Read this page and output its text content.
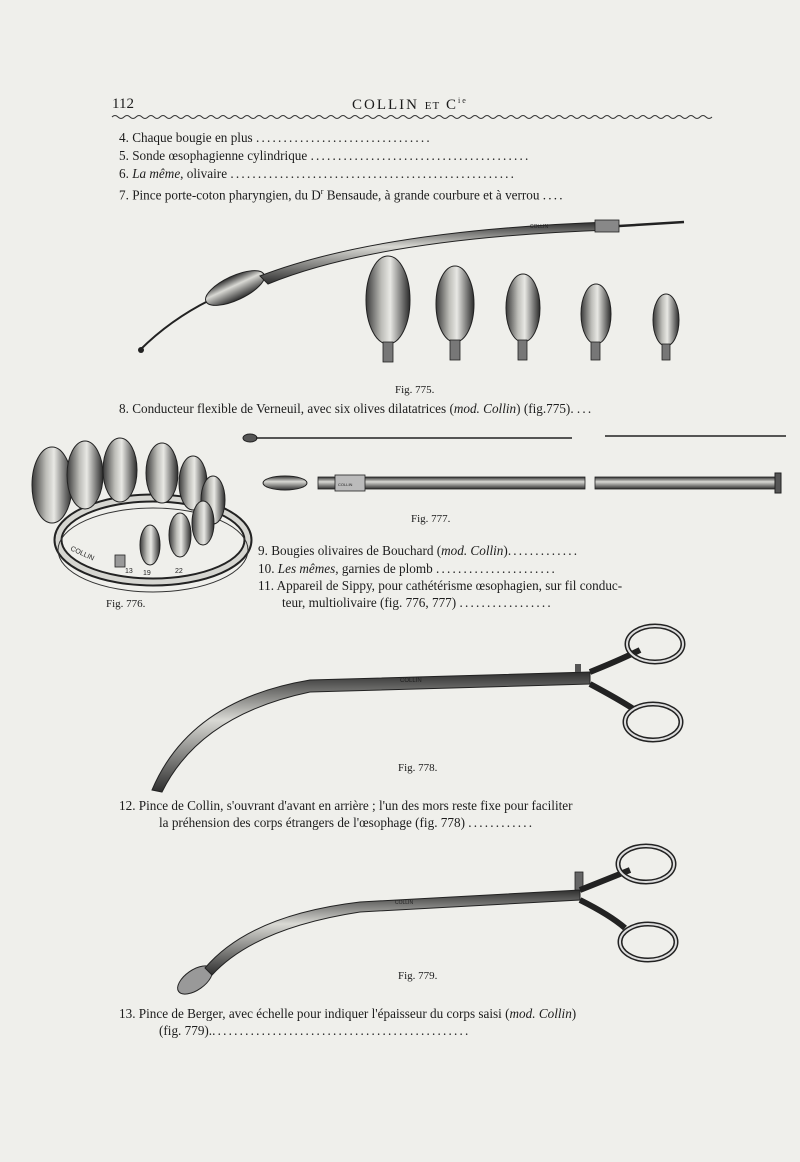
112	COLLIN ET $C^{ie}$
4. Chaque bougie en plus ................................
5. Sonde œsophagienne cylindrique ........................................
6. La même, olivaire ....................................................
7. Pince porte-coton pharyngien, du $D^r$ Bensaude, à grande courbure et à verrou ....
COLLIN
Fig. 775.
8. Conducteur flexible de Verneuil, avec six olives dilatatrices (mod. Collin) (fig.775). ...
COLLIN
13 19	22
Fig. 776.
COLLIN
Fig. 777.
9. Bougies olivaires de Bouchard (mod. Collin).............
10. Les mêmes, garnies de plomb ......................
11. Appareil de Sippy, pour cathétérisme œsophagien, sur fil conduc-
teur, multiolivaire (fig. 776, 777) .................
COLLIN
Fig. 778.
12. Pince de Collin, s'ouvrant d'avant en arrière ; l'un des mors reste fixe pour faciliter
la préhension des corps étrangers de l'œsophage (fig. 778) ............
COLLIN
Fig. 779.
13. Pince de Berger, avec échelle pour indiquer l'épaisseur du corps saisi (mod. Collin)
(fig. 779)................................................
